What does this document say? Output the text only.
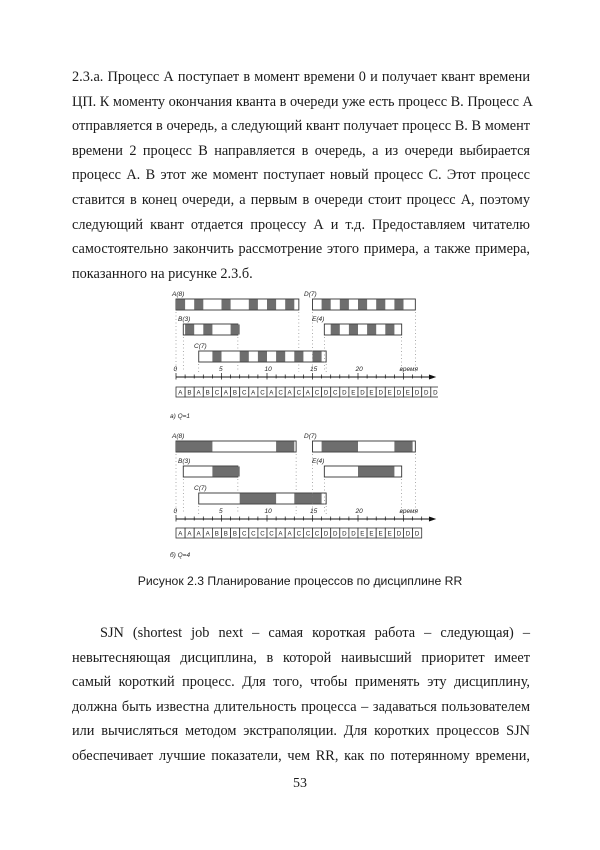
2.3.а. Процесс А поступает в момент времени 0 и получает квант времени
ЦП. К моменту окончания кванта в очереди уже есть процесс В. Процесс А
отправляется в очередь, а следующий квант получает процесс В. В момент
времени 2 процесс В направляется в очередь, а из очереди выбирается
процесс А. В этот же момент поступает новый процесс С. Этот процесс
ставится в конец очереди, а первым в очереди стоит процесс А, поэтому
следующий квант отдается процессу А и т.д. Предоставляем читателю
самостоятельно закончить рассмотрение этого примера, а также примера,
показанного на рисунке 2.3.б.
A(8)
B(3)
C(7)
D(7)
E(4)
0	5	10	15	20	время
A B A B C A B C A C A C A C A C D C D E D E D E D E D D D
а) Q=1
A(8)
B(3)
C(7)
D(7)
E(4)
0	5	10	15	20	время
A A A A B B B C C C C A A C C C D D D D E E E E D D D
б) Q=4
Рисунок 2.3 Планирование процессов по дисциплине RR
SJN (shortest job next – самая короткая работа – следующая) –
невытесняющая дисциплина, в которой наивысший приоритет имеет
самый короткий процесс. Для того, чтобы применять эту дисциплину,
должна быть известна длительность процесса – задаваться пользователем
или вычисляться методом экстраполяции. Для коротких процессов SJN
обеспечивает лучшие показатели, чем RR, как по потерянному времени,
53
